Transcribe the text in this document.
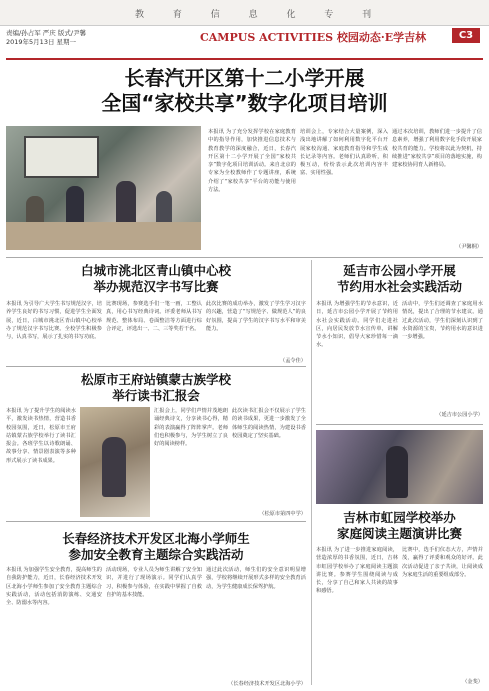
教 育 信 息 化 专 刊
责编/孙占军 严庆 版式/尹馨
2019年5月13日 星期一	CAMPUS ACTIVITIES 校园动态·E学吉林	C3
长春汽开区第十二小学开展
全国“家校共享”数字化项目培训
本报讯 为了充分发挥学校在家庭教育中的指导作用，加快推进信息技术与教育教学的深度融合，近日，长春汽开区第十二小学开展了全国“家校共享”数字化项目培训活动。来自北京的专家为全校教师作了专题讲座，系统介绍了“家校共享”平台的功能与使用方法。
培训会上，专家结合大量案例，深入浅出地讲解了如何利用数字化平台开展家校沟通、家庭教育指导和学生成长记录等内容。老师们认真聆听，积极互动，纷纷表示此次培训内容丰富、实用性强。
通过本次培训，教师们进一步提升了信息素养，增强了利用数字化手段开展家校共育的能力。学校将以此为契机，持续推进“家校共享”项目的落地实施，构建家校协同育人新格局。
（尹馨桐）
白城市洮北区青山镇中心校
举办规范汉字书写比赛
本报讯 为引导广大学生书写规范汉字，培养学生良好的书写习惯，促进学生全面发展，近日，白城市洮北区青山镇中心校举办了规范汉字书写比赛。全校学生积极参与，认真书写，展示了扎实的书写功底。
比赛现场，参赛选手们一笔一画，工整认真，用心书写经典诗词。评委老师从书写规范、整体布局、卷面整洁等方面进行综合评定，评选出一、二、三等奖若干名。
此次比赛的成功举办，激发了学生学习汉字的兴趣，营造了“写规范字、做规范人”的良好氛围，提高了学生的汉字书写水平和审美能力。
（孟令佳）
松原市王府站镇蒙古族学校
举行读书汇报会
本报讯 为了提升学生的阅读水平，激发读书热情，营造书香校园氛围，近日，松原市王府站镇蒙古族学校举行了读书汇报会。各班学生以诗歌朗诵、故事分享、情景剧表演等多种形式展示了读书成果。
汇报会上，同学们声情并茂地朗诵经典诗文，分享读书心得，精彩的表演赢得了阵阵掌声。老师们也积极参与，为学生树立了良好的阅读榜样。
此次读书汇报会不仅展示了学生的读书成果，更进一步激发了全体师生的阅读热情，为建设书香校园奠定了坚实基础。
（松原市第四中学）
长春经济技术开发区北海小学师生
参加安全教育主题综合实践活动
本报讯 为加强学生安全教育，提高师生的自我防护能力，近日，长春经济技术开发区北海小学师生参加了安全教育主题综合实践活动，活动包括消防演练、交通安全、防溺水等内容。
活动现场，专业人员为师生讲解了安全知识，并进行了现场演示。同学们认真学习，积极参与体验，在实践中掌握了自救自护的基本技能。
通过此次活动，师生们的安全意识明显增强，学校将继续开展形式多样的安全教育活动，为学生健康成长保驾护航。
（长春经济技术开发区北海小学）
延吉市公园小学开展
节约用水社会实践活动
本报讯 为增强学生的节水意识，近日，延吉市公园小学开展了节约用水社会实践活动。同学们走进社区，向居民发放节水宣传单，讲解节水小知识，倡导大家珍惜每一滴水。
活动中，学生们还调查了家庭用水情况，提出了合理的节水建议。通过此次活动，学生们深刻认识到了水资源的宝贵，节约用水的意识进一步增强。
（延吉市公园小学）
吉林市虹园学校举办
家庭阅读主题演讲比赛
本报讯 为了进一步推进家庭阅读，营造浓厚的书香氛围，近日，吉林市虹园学校举办了家庭阅读主题演讲比赛。参赛学生围绕阅读与成长，分享了自己和家人共读的故事和感悟。
比赛中，选手们仪态大方，声情并茂，赢得了评委和观众的好评。此次活动促进了亲子共读，让阅读成为家庭生活的重要组成部分。
（金斐）
